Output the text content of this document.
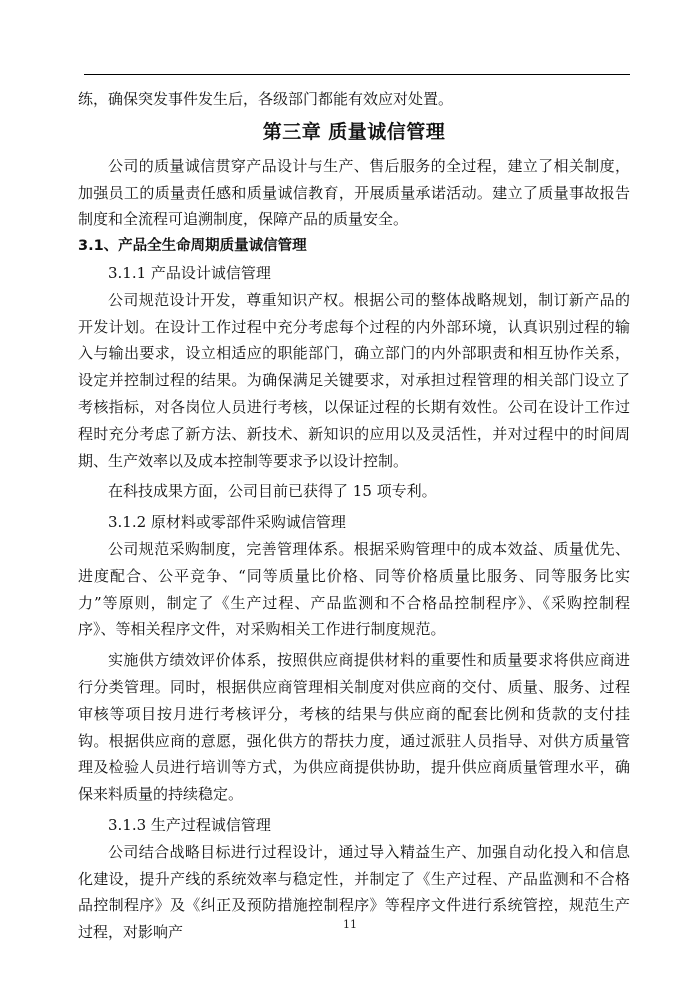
练，确保突发事件发生后，各级部门都能有效应对处置。

第三章 质量诚信管理

公司的质量诚信贯穿产品设计与生产、售后服务的全过程，建立了相关制度，加强员工的质量责任感和质量诚信教育，开展质量承诺活动。建立了质量事故报告制度和全流程可追溯制度，保障产品的质量安全。

3.1、产品全生命周期质量诚信管理

3.1.1 产品设计诚信管理

公司规范设计开发，尊重知识产权。根据公司的整体战略规划，制订新产品的开发计划。在设计工作过程中充分考虑每个过程的内外部环境，认真识别过程的输入与输出要求，设立相适应的职能部门，确立部门的内外部职责和相互协作关系，设定并控制过程的结果。为确保满足关键要求，对承担过程管理的相关部门设立了考核指标，对各岗位人员进行考核，以保证过程的长期有效性。公司在设计工作过程时充分考虑了新方法、新技术、新知识的应用以及灵活性，并对过程中的时间周期、生产效率以及成本控制等要求予以设计控制。

在科技成果方面，公司目前已获得了 15 项专利。

3.1.2 原材料或零部件采购诚信管理

公司规范采购制度，完善管理体系。根据采购管理中的成本效益、质量优先、进度配合、公平竞争、“同等质量比价格、同等价格质量比服务、同等服务比实力”等原则，制定了《生产过程、产品监测和不合格品控制程序》、《采购控制程序》、等相关程序文件，对采购相关工作进行制度规范。

实施供方绩效评价体系，按照供应商提供材料的重要性和质量要求将供应商进行分类管理。同时，根据供应商管理相关制度对供应商的交付、质量、服务、过程审核等项目按月进行考核评分，考核的结果与供应商的配套比例和货款的支付挂钩。根据供应商的意愿，强化供方的帮扶力度，通过派驻人员指导、对供方质量管理及检验人员进行培训等方式，为供应商提供协助，提升供应商质量管理水平，确保来料质量的持续稳定。

3.1.3 生产过程诚信管理

公司结合战略目标进行过程设计，通过导入精益生产、加强自动化投入和信息化建设，提升产线的系统效率与稳定性，并制定了《生产过程、产品监测和不合格品控制程序》及《纠正及预防措施控制程序》等程序文件进行系统管控，规范生产过程，对影响产	11
